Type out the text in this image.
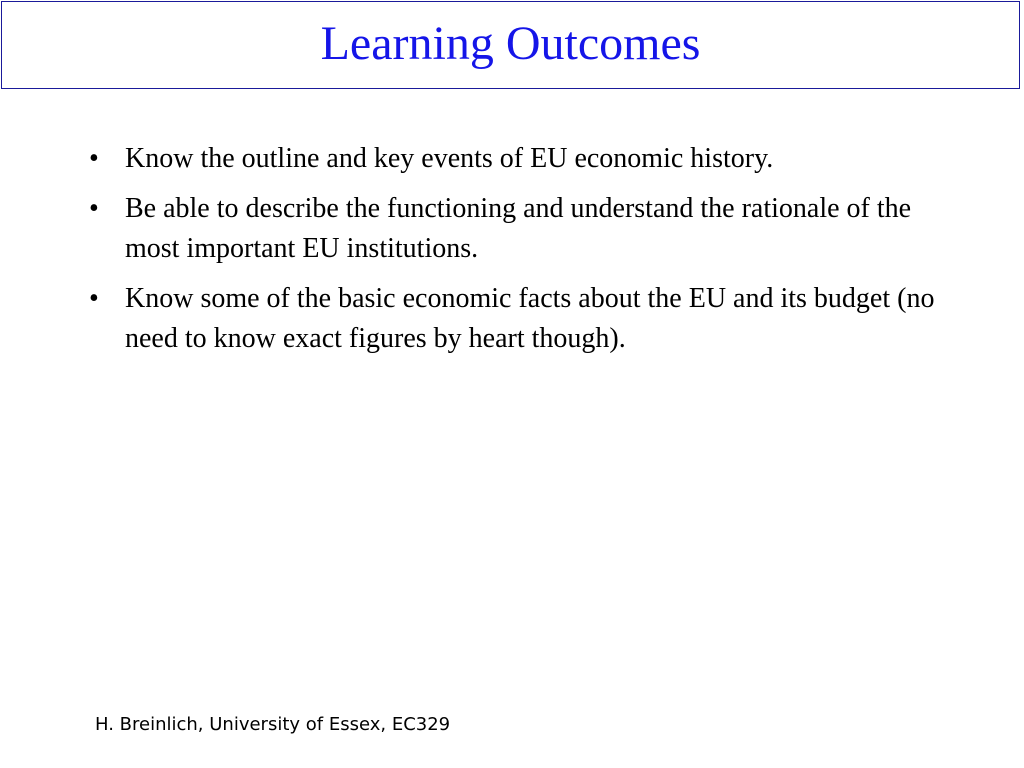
Learning Outcomes
• Know the outline and key events of EU economic history.
• Be able to describe the functioning and understand the rationale of the most important EU institutions.
• Know some of the basic economic facts about the EU and its budget (no need to know exact figures by heart though).
H. Breinlich, University of Essex, EC329
